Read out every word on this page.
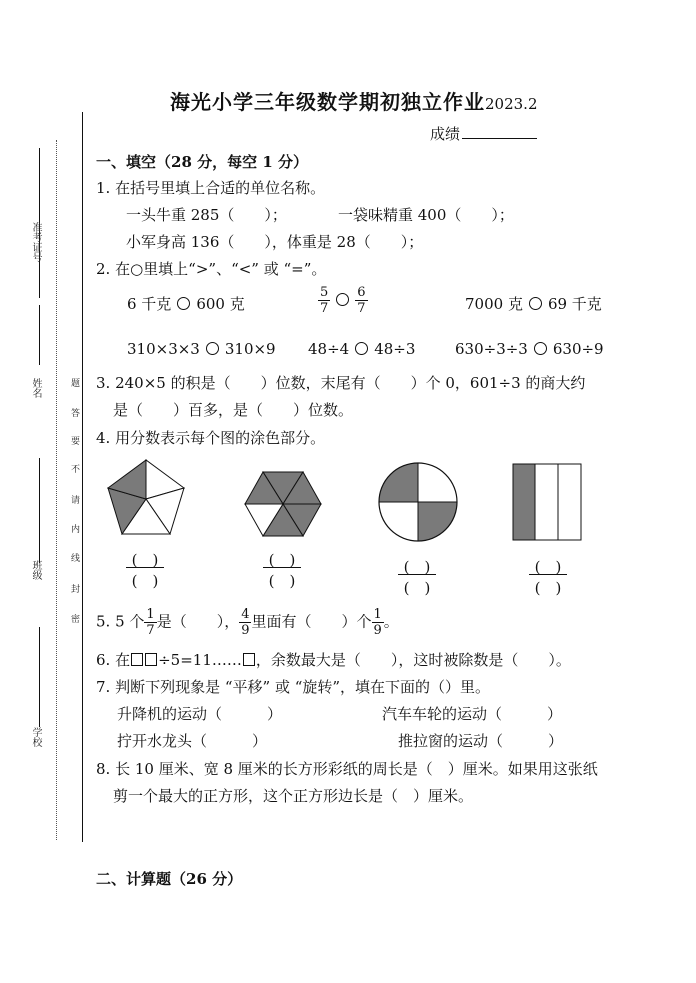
准考证号
姓名
班级
学校
题
答
要
不
请
内
线
封
密
海光小学三年级数学期初独立作业2023.2
成绩
一、填空（28 分，每空 1 分）
1. 在括号里填上合适的单位名称。
一头牛重 285（　　）；	一袋味精重 400（　　）；
小军身高 136（　　），体重是 28（　　）；
2. 在○里填上“>”、“<” 或 “=”。
6 千克 600 克	$\frac{5}{7} \frac{6}{7}$	7000 克 69 千克
310×3×3 310×9 48÷4 48÷3	630÷3÷3 630÷9
3. 240×5 的积是（　　）位数，末尾有（　　）个 0，601÷3 的商大约
是（　　）百多，是（　　）位数。
4. 用分数表示每个图的涂色部分。
(　)
(　)
(　)
(　)
(　)
(　)
(　)
(　)
5. 5 个 $\frac{1}{7}$ 是（　　）， $\frac{4}{9}$ 里面有（　　）个 $\frac{1}{9}$ 。
6. 在 ÷5=11…… ，余数最大是（　　），这时被除数是（　　）。
7. 判断下列现象是 “平移” 或 “旋转”，填在下面的（）里。
升降机的运动（　　　）	汽车车轮的运动（　　　）
拧开水龙头（　　　）	推拉窗的运动（　　　）
8. 长 10 厘米、宽 8 厘米的长方形彩纸的周长是（　）厘米。如果用这张纸
剪一个最大的正方形，这个正方形边长是（　）厘米。
二、计算题（26 分）
